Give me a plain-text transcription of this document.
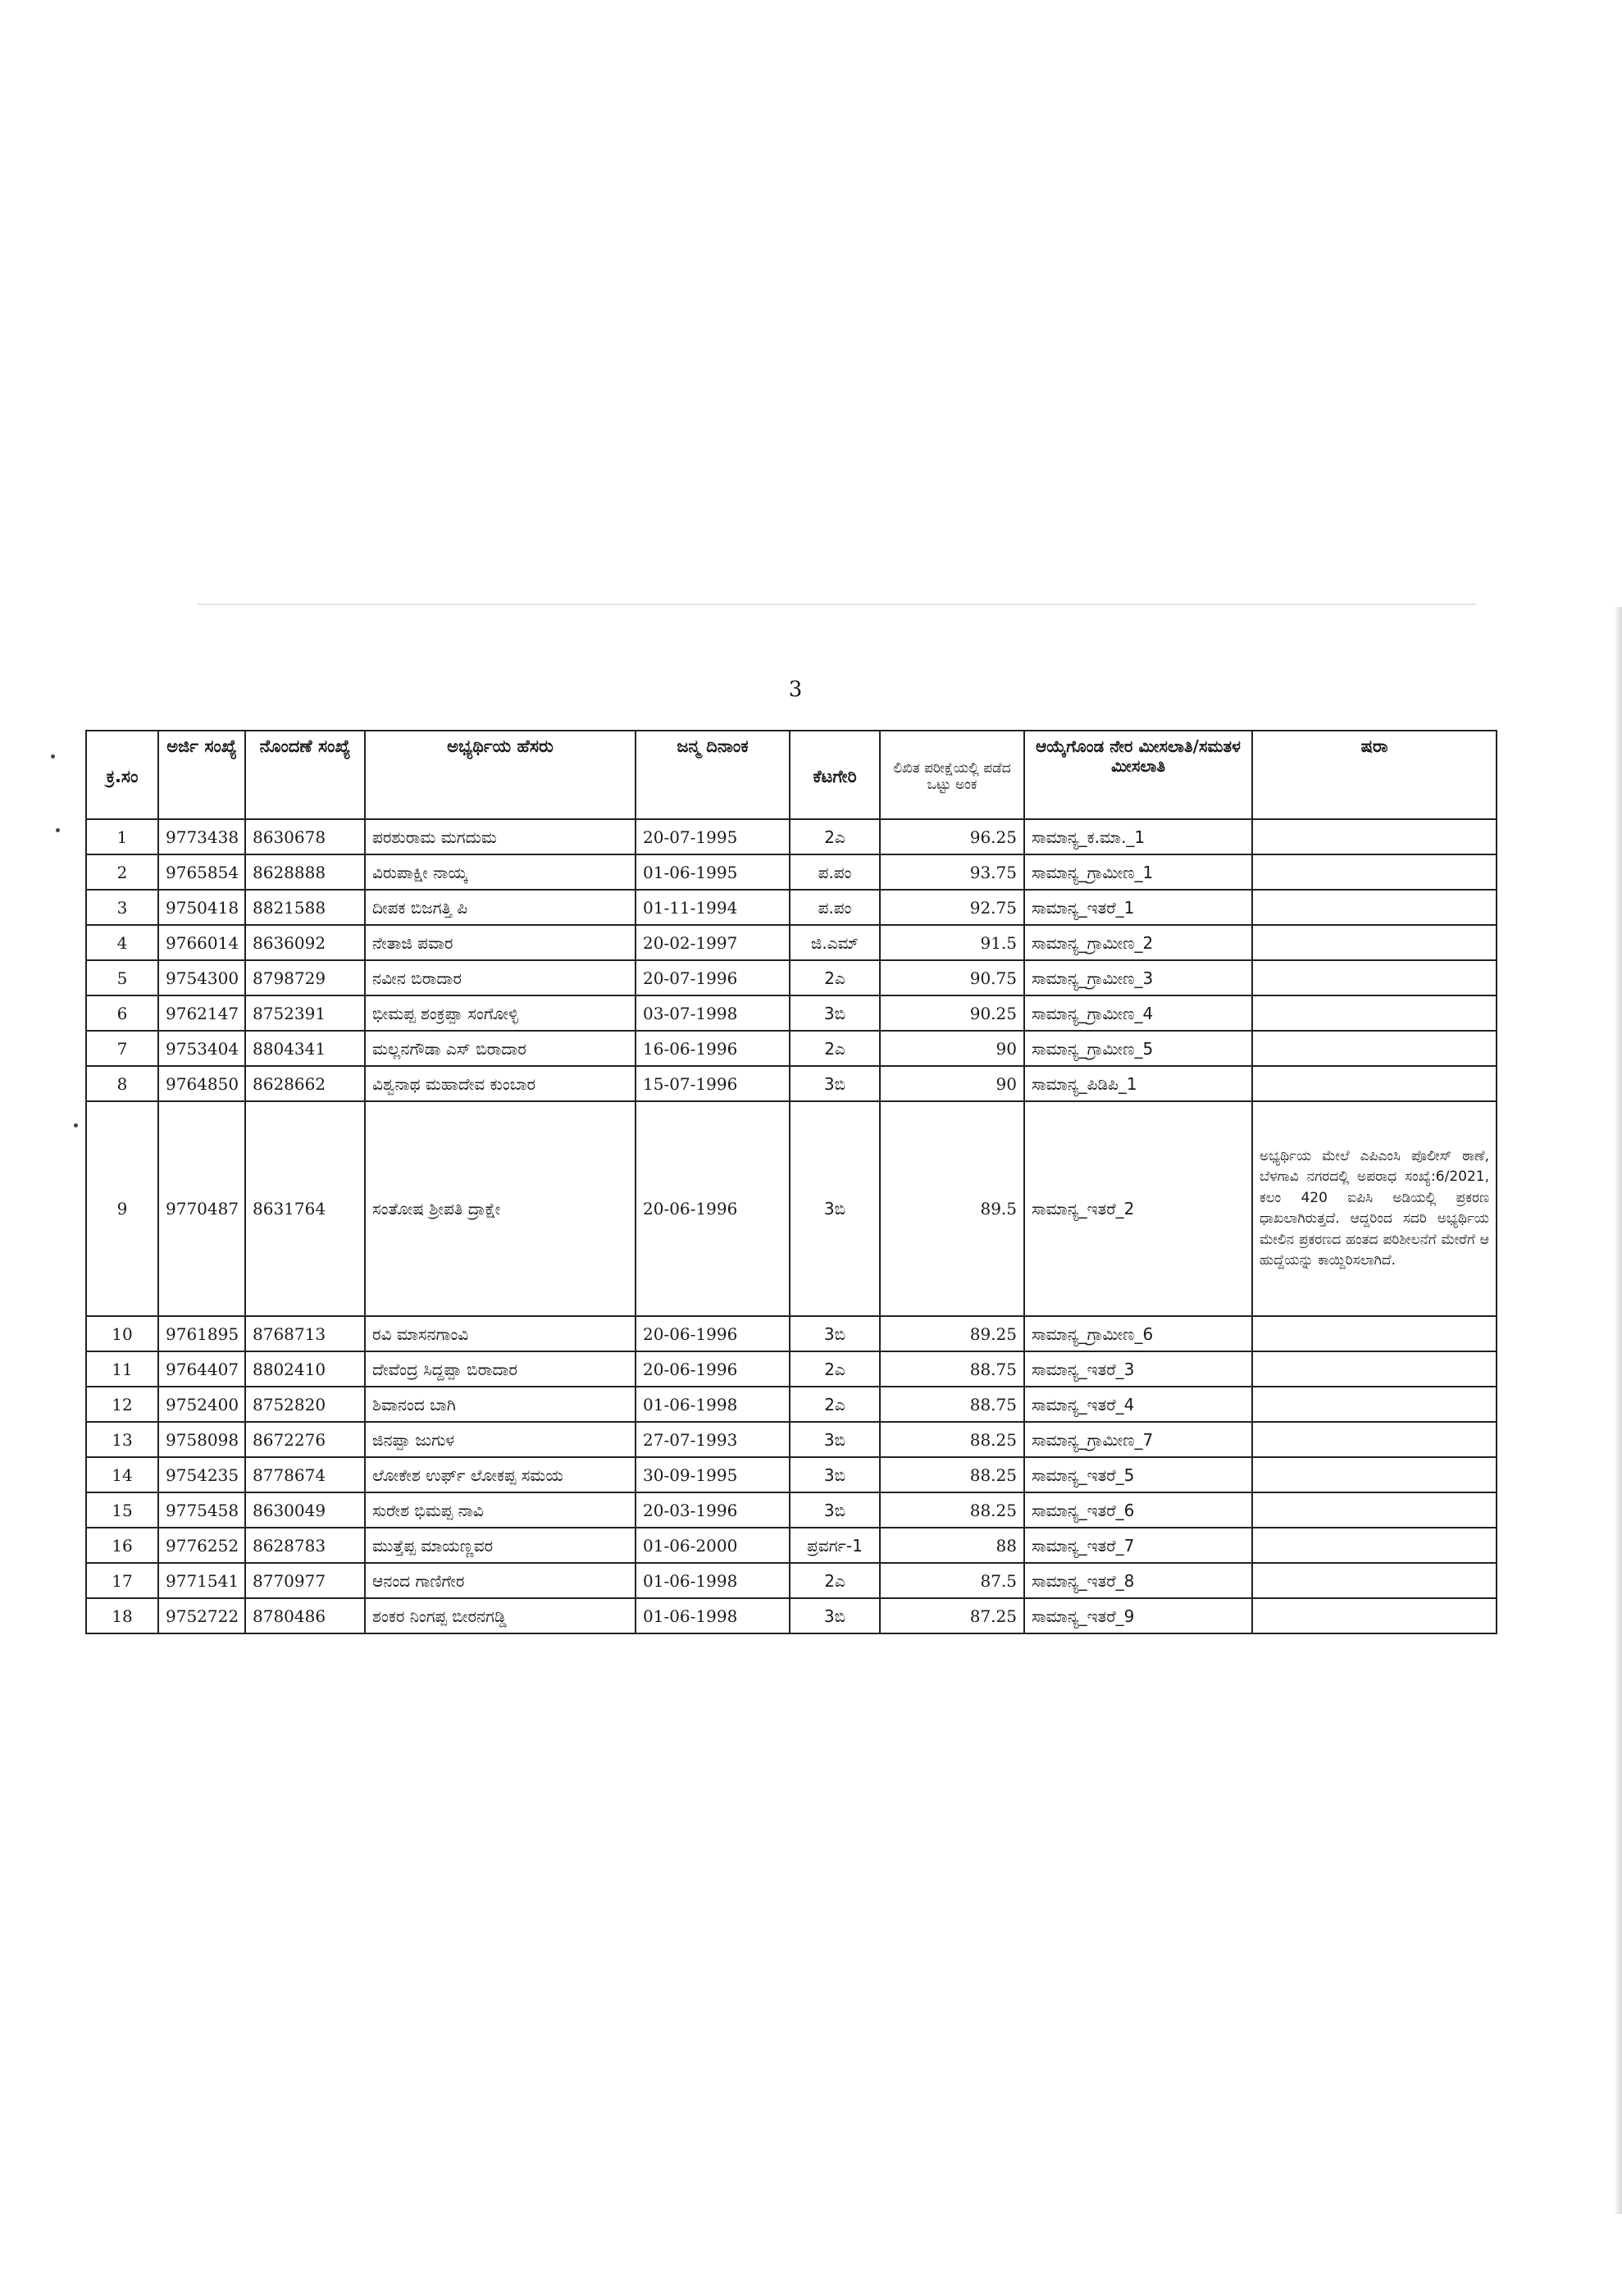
3
ಕ್ರ.ಸಂ	ಅರ್ಜಿ ಸಂಖ್ಯೆ	ನೊಂದಣೆ ಸಂಖ್ಯೆ	ಅಭ್ಯರ್ಥಿಯ ಹೆಸರು	ಜನ್ಮ ದಿನಾಂಕ	ಕೆಟಗೇರಿ	ಲಿಖಿತ ಪರೀಕ್ಷೆಯಲ್ಲಿ ಪಡೆದ ಒಟ್ಟು ಅಂಕ	ಆಯ್ಕೆಗೊಂಡ ನೇರ ಮೀಸಲಾತಿ/ಸಮತಳ ಮೀಸಲಾತಿ	ಷರಾ
1	9773438	8630678	ಪರಶುರಾಮ ಮಗದುಮ	20-07-1995	2ಎ	96.25	ಸಾಮಾನ್ಯ_ಕ.ಮಾ._1	
2	9765854	8628888	ವಿರುಪಾಕ್ಷೀ ನಾಯ್ಕ	01-06-1995	ಪ.ಪಂ	93.75	ಸಾಮಾನ್ಯ_ಗ್ರಾಮೀಣ_1	
3	9750418	8821588	ದೀಪಕ ಬಿಜಗತ್ತಿ ಪಿ	01-11-1994	ಪ.ಪಂ	92.75	ಸಾಮಾನ್ಯ_ಇತರೆ_1	
4	9766014	8636092	ನೇತಾಜಿ ಪವಾರ	20-02-1997	ಜಿ.ಎಮ್	91.5	ಸಾಮಾನ್ಯ_ಗ್ರಾಮೀಣ_2	
5	9754300	8798729	ನವೀನ ಬಿರಾದಾರ	20-07-1996	2ಎ	90.75	ಸಾಮಾನ್ಯ_ಗ್ರಾಮೀಣ_3	
6	9762147	8752391	ಭೀಮಪ್ಪ ಶಂಕ್ರಪ್ಪಾ ಸಂಗೋಳ್ಳಿ	03-07-1998	3ಬಿ	90.25	ಸಾಮಾನ್ಯ_ಗ್ರಾಮೀಣ_4	
7	9753404	8804341	ಮಲ್ಲನಗೌಡಾ ಎಸ್ ಬಿರಾದಾರ	16-06-1996	2ಎ	90	ಸಾಮಾನ್ಯ_ಗ್ರಾಮೀಣ_5	
8	9764850	8628662	ವಿಶ್ವನಾಥ ಮಹಾದೇವ ಕುಂಬಾರ	15-07-1996	3ಬಿ	90	ಸಾಮಾನ್ಯ_ಪಿಡಿಪಿ_1	
9	9770487	8631764	ಸಂತೋಷ ಶ್ರೀಪತಿ ದ್ರಾಕ್ಷೇ	20-06-1996	3ಬಿ	89.5	ಸಾಮಾನ್ಯ_ಇತರೆ_2	ಅಭ್ಯರ್ಥಿಯ ಮೇಲೆ ಎಪಿಎಂಸಿ ಪೊಲೀಸ್ ಠಾಣೆ, ಬೆಳಗಾವಿ ನಗರದಲ್ಲಿ ಅಪರಾಧ ಸಂಖ್ಯೆ:6/2021, ಕಲಂ 420 ಐಪಿಸಿ ಅಡಿಯಲ್ಲಿ ಪ್ರಕರಣ ಧಾಖಲಾಗಿರುತ್ತದೆ. ಆದ್ದರಿಂದ ಸದರಿ ಅಭ್ಯರ್ಥಿಯ ಮೇಲಿನ ಪ್ರಕರಣದ ಹಂತದ ಪರಿಶೀಲನೆಗೆ ಮೇರೆಗೆ ಆ ಹುದ್ದೆಯನ್ನು ಕಾಯ್ದಿರಿಸಲಾಗಿದೆ.
10	9761895	8768713	ರವಿ ಮಾಸನಗಾಂವಿ	20-06-1996	3ಬಿ	89.25	ಸಾಮಾನ್ಯ_ಗ್ರಾಮೀಣ_6	
11	9764407	8802410	ದೇವೆಂದ್ರ ಸಿದ್ದಪ್ಪಾ ಬಿರಾದಾರ	20-06-1996	2ಎ	88.75	ಸಾಮಾನ್ಯ_ಇತರೆ_3	
12	9752400	8752820	ಶಿವಾನಂದ ಬಾಗಿ	01-06-1998	2ಎ	88.75	ಸಾಮಾನ್ಯ_ಇತರೆ_4	
13	9758098	8672276	ಜಿನಪ್ಪಾ ಜುಗುಳ	27-07-1993	3ಬಿ	88.25	ಸಾಮಾನ್ಯ_ಗ್ರಾಮೀಣ_7	
14	9754235	8778674	ಲೋಕೇಶ ಉರ್ಫ್ ಲೋಕಪ್ಪ ಸಮಯ	30-09-1995	3ಬಿ	88.25	ಸಾಮಾನ್ಯ_ಇತರೆ_5	
15	9775458	8630049	ಸುರೇಶ ಭಿಮಪ್ಪ ನಾವಿ	20-03-1996	3ಬಿ	88.25	ಸಾಮಾನ್ಯ_ಇತರೆ_6	
16	9776252	8628783	ಮುತ್ತೆಪ್ಪ ಮಾಯಣ್ಣವರ	01-06-2000	ಪ್ರವರ್ಗ-1	88	ಸಾಮಾನ್ಯ_ಇತರೆ_7	
17	9771541	8770977	ಆನಂದ ಗಾಣಿಗೇರ	01-06-1998	2ಎ	87.5	ಸಾಮಾನ್ಯ_ಇತರೆ_8	
18	9752722	8780486	ಶಂಕರ ನಿಂಗಪ್ಪ ಬೀರನಗಡ್ಡಿ	01-06-1998	3ಬಿ	87.25	ಸಾಮಾನ್ಯ_ಇತರೆ_9	
